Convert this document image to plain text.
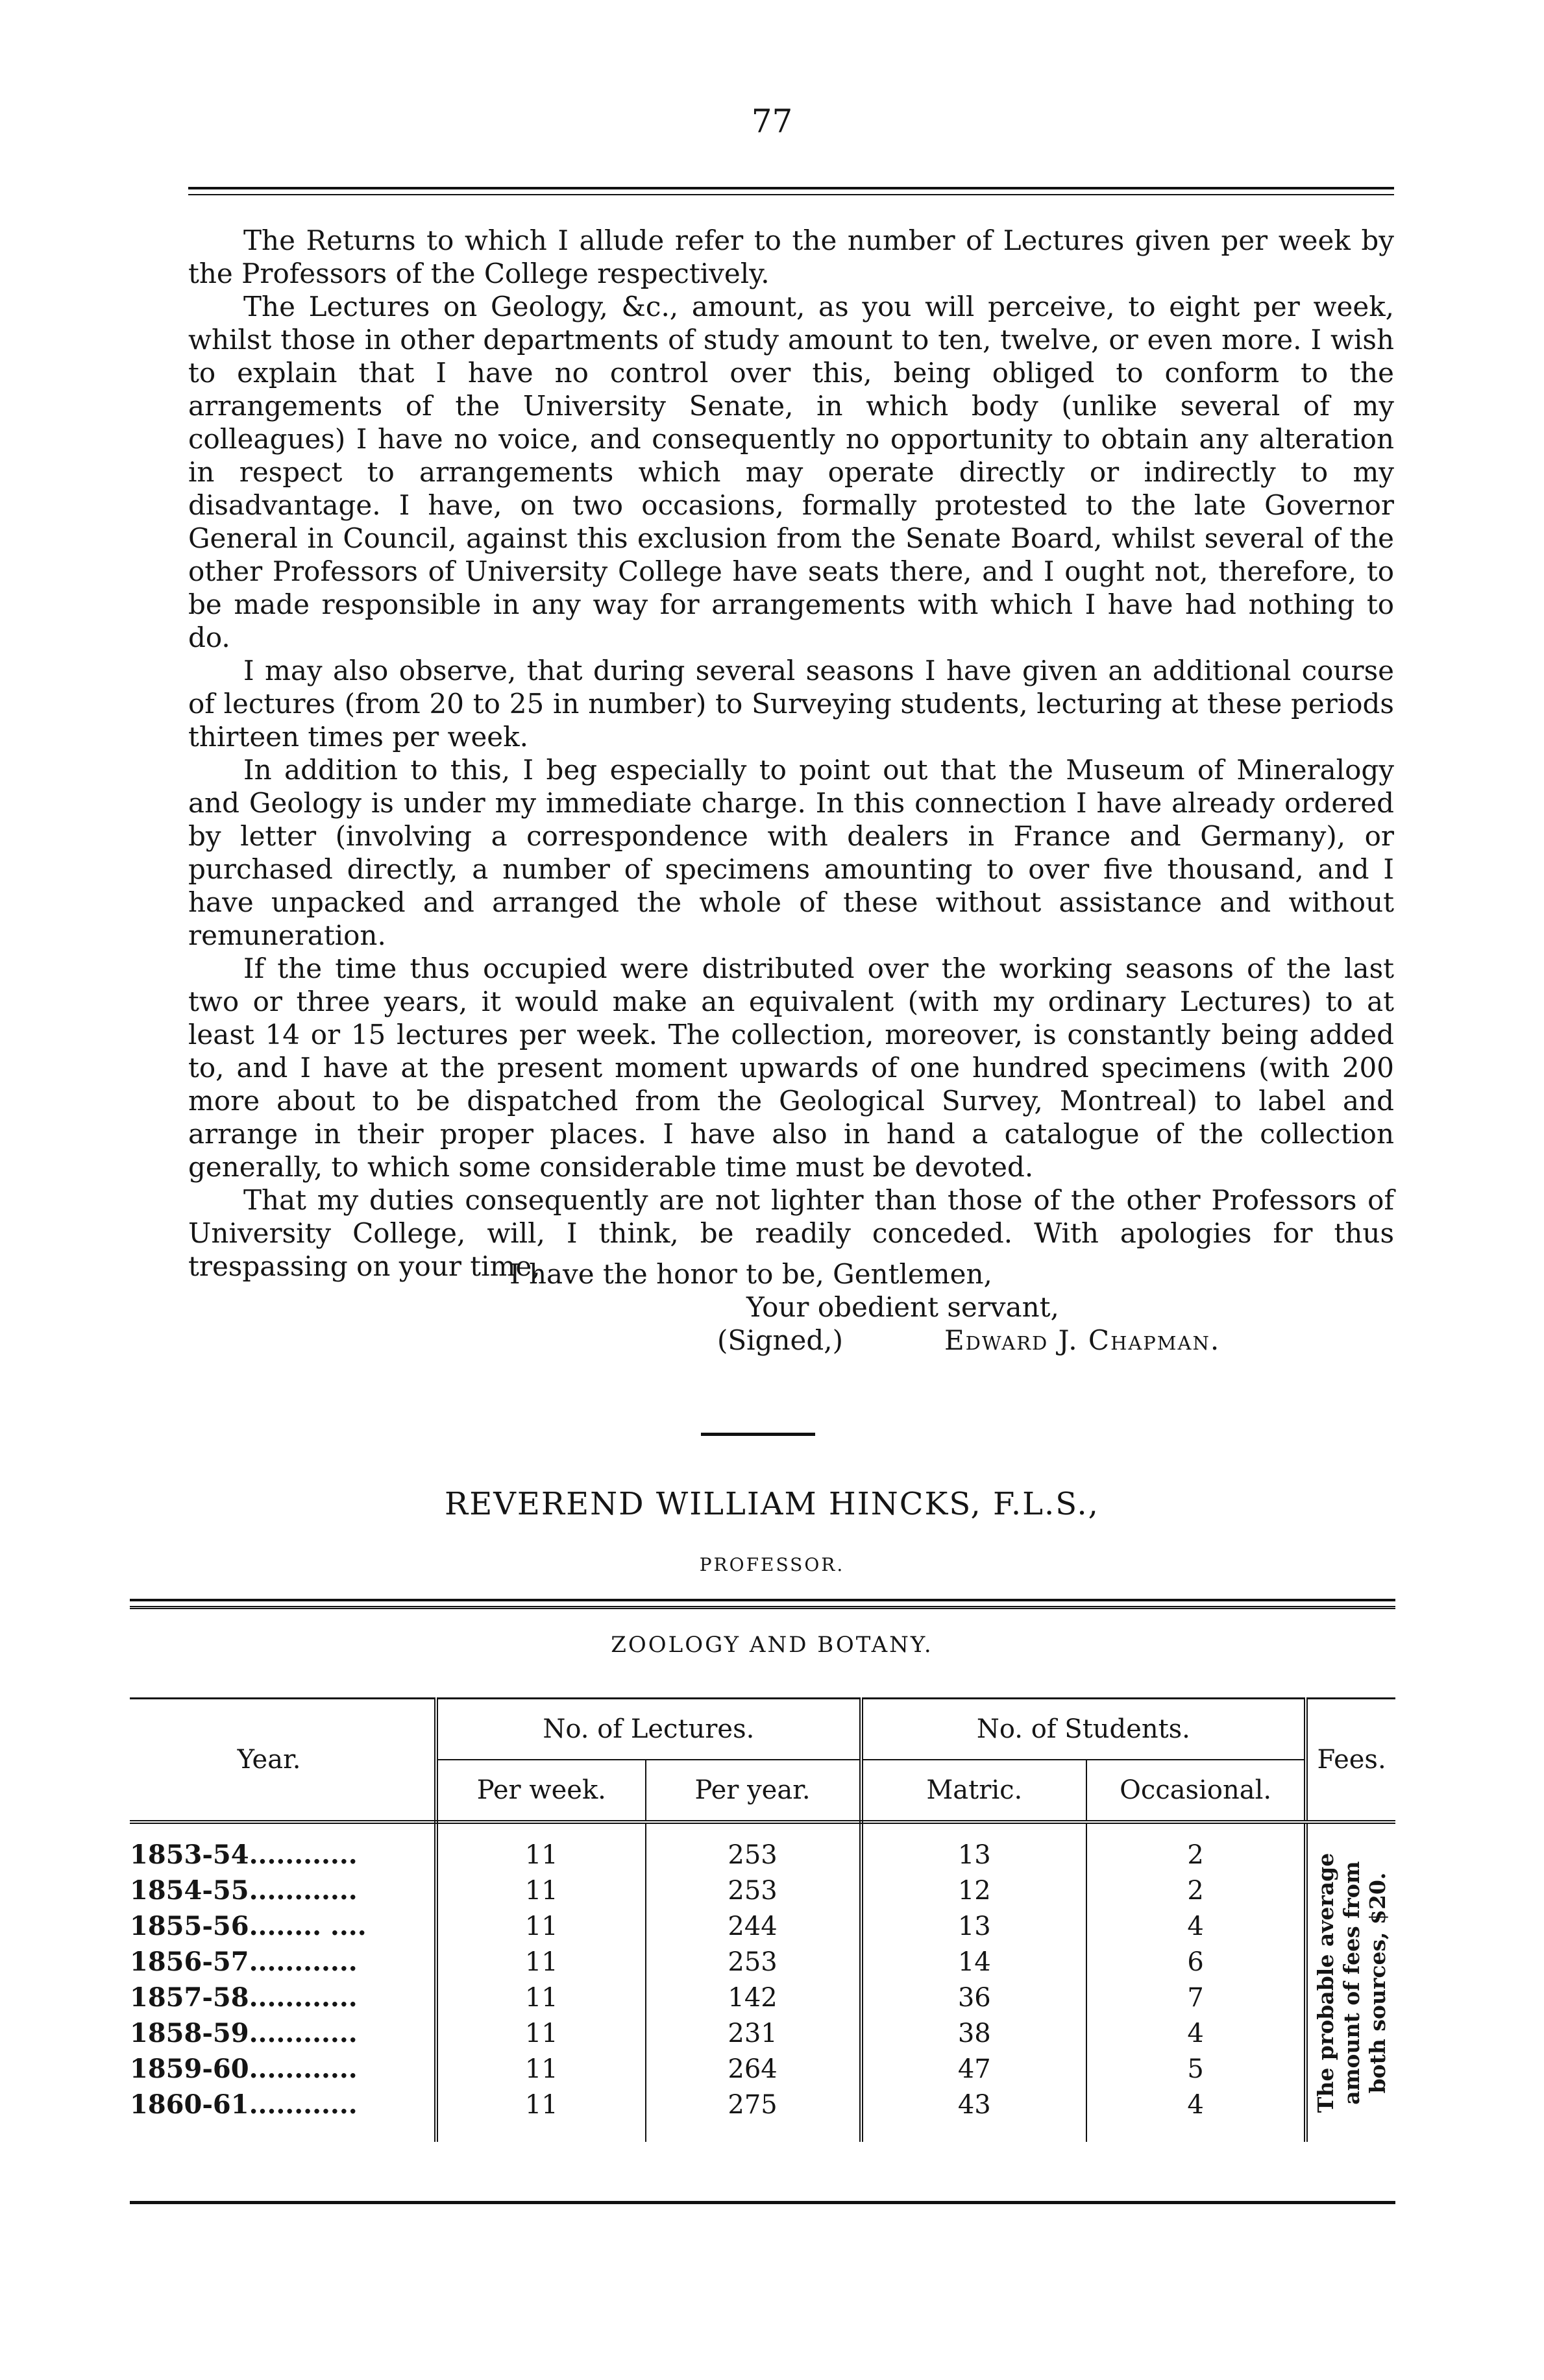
77

The Returns to which I allude refer to the number of Lectures given per week by the Professors of the College respectively.

The Lectures on Geology, &c., amount, as you will perceive, to eight per week, whilst those in other departments of study amount to ten, twelve, or even more. I wish to explain that I have no control over this, being obliged to conform to the arrangements of the University Senate, in which body (unlike several of my colleagues) I have no voice, and consequently no opportunity to obtain any alteration in respect to arrangements which may operate directly or indirectly to my disadvantage. I have, on two occasions, formally protested to the late Governor General in Council, against this exclusion from the Senate Board, whilst several of the other Professors of University College have seats there, and I ought not, therefore, to be made responsible in any way for arrangements with which I have had nothing to do.

I may also observe, that during several seasons I have given an additional course of lectures (from 20 to 25 in number) to Surveying students, lecturing at these periods thirteen times per week.

In addition to this, I beg especially to point out that the Museum of Mineralogy and Geology is under my immediate charge. In this connection I have already ordered by letter (involving a correspondence with dealers in France and Germany), or purchased directly, a number of specimens amounting to over five thousand, and I have unpacked and arranged the whole of these without assistance and without remuneration.

If the time thus occupied were distributed over the working seasons of the last two or three years, it would make an equivalent (with my ordinary Lectures) to at least 14 or 15 lectures per week. The collection, moreover, is constantly being added to, and I have at the present moment upwards of one hundred specimens (with 200 more about to be dispatched from the Geological Survey, Montreal) to label and arrange in their proper places. I have also in hand a catalogue of the collection generally, to which some considerable time must be devoted.

That my duties consequently are not lighter than those of the other Professors of University College, will, I think, be readily conceded. With apologies for thus trespassing on your time,

I have the honor to be, Gentlemen,
Your obedient servant,
(Signed,)	Edward J. Chapman.
REVEREND WILLIAM HINCKS, F.L.S.,
PROFESSOR.
ZOOLOGY AND BOTANY.
Year.	No. of Lectures.		No. of Students.		Fees.
	Per week.	Per year.	Matric.	Occasional.	
1853-54............	11	253	13	2	The probable average amount of fees from both sources, $20.

1854-55............	11	253	12	2	
1855-56........ ....	11	244	13	4	
1856-57............	11	253	14	6	
1857-58............	11	142	36	7	
1858-59............	11	231	38	4	
1859-60............	11	264	47	5	
1860-61............	11	275	43	4	
